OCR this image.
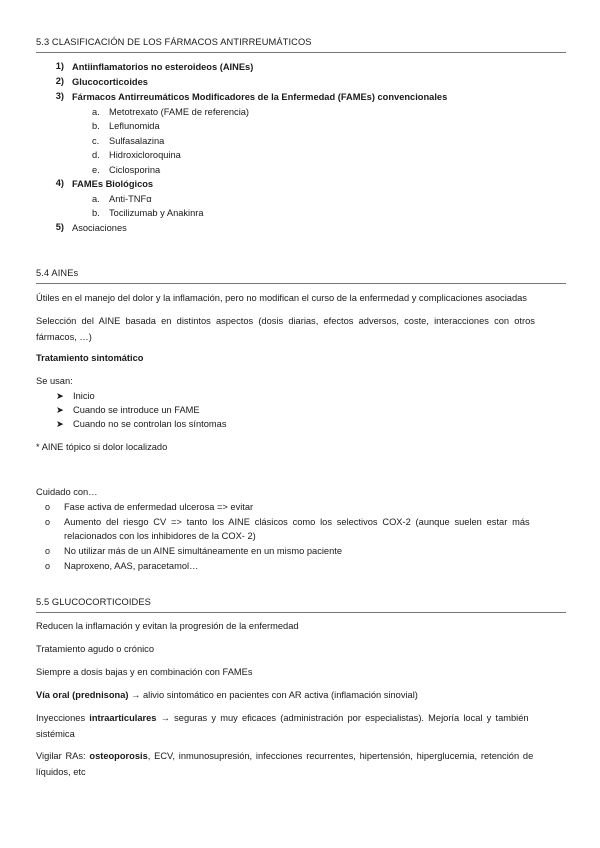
5.3 CLASIFICACIÓN DE LOS FÁRMACOS ANTIRREUMÁTICOS
1) Antiinflamatorios no esteroideos (AINEs)
2) Glucocorticoides
3) Fármacos Antirreumáticos Modificadores de la Enfermedad (FAMEs) convencionales
a. Metotrexato (FAME de referencia)
b. Leflunomida
c. Sulfasalazina
d. Hidroxicloroquina
e. Ciclosporina
4) FAMEs Biológicos
a. Anti-TNFα
b. Tocilizumab y Anakinra
5) Asociaciones
5.4 AINEs
Útiles en el manejo del dolor y la inflamación, pero no modifican el curso de la enfermedad y complicaciones asociadas
Selección del AINE basada en distintos aspectos (dosis diarias, efectos adversos, coste, interacciones con otros
fármacos, …)
Tratamiento sintomático
Se usan:
➤ Inicio
➤ Cuando se introduce un FAME
➤ Cuando no se controlan los síntomas
* AINE tópico si dolor localizado
Cuidado con…
o Fase activa de enfermedad ulcerosa => evitar
o Aumento del riesgo CV => tanto los AINE clásicos como los selectivos COX-2 (aunque suelen estar más
relacionados con los inhibidores de la COX- 2)
o No utilizar más de un AINE simultáneamente en un mismo paciente
o Naproxeno, AAS, paracetamol…
5.5 GLUCOCORTICOIDES
Reducen la inflamación y evitan la progresión de la enfermedad
Tratamiento agudo o crónico
Siempre a dosis bajas y en combinación con FAMEs
Vía oral (prednisona) → alivio sintomático en pacientes con AR activa (inflamación sinovial)
Inyecciones intraarticulares → seguras y muy eficaces (administración por especialistas). Mejoría local y también
sistémica
Vigilar RAs: osteoporosis, ECV, inmunosupresión, infecciones recurrentes, hipertensión, hiperglucemia, retención de
líquidos, etc
